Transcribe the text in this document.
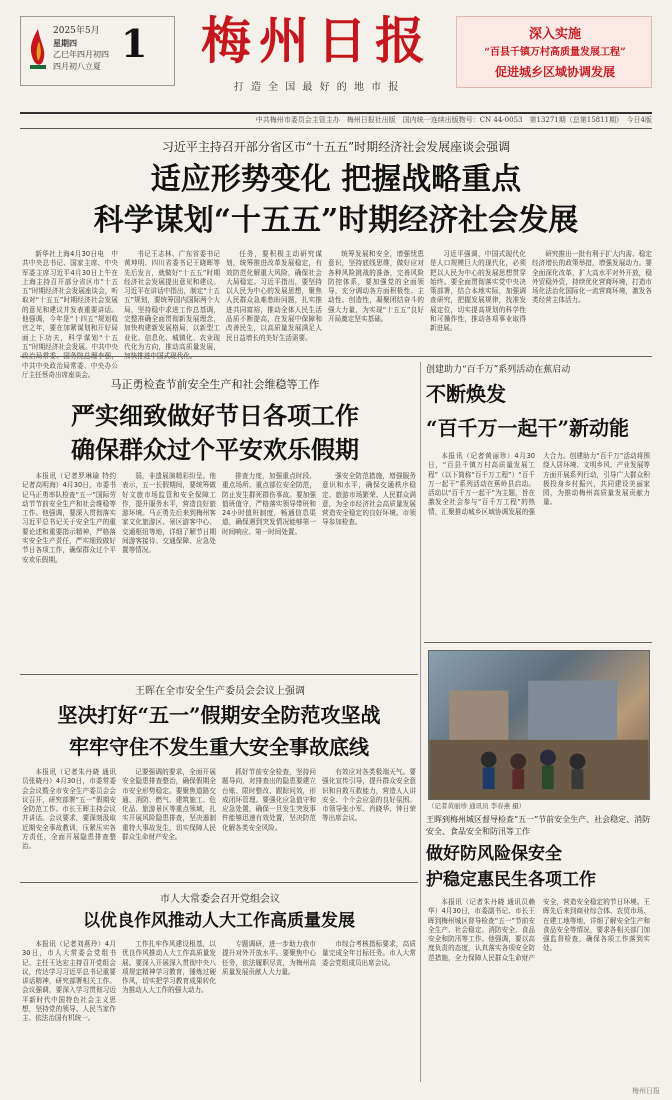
2025年5月
星期四
乙巳年四月初四
四月初八立夏
1 梅州日报
打 造 全 国 最 好 的 地 市 报
深入实施
“百县千镇万村高质量发展工程”
促进城乡区域协调发展
中共梅州市委员会主管主办　梅州日报社出版　国内统一连续出版物号：CN 44-0053　第13271期（总第15811期）　今日4版
习近平主持召开部分省区市“十五五”时期经济社会发展座谈会强调
适应形势变化 把握战略重点
科学谋划“十五五”时期经济社会发展

新华社上海4月30日电　中共中央总书记、国家主席、中央军委主席习近平4月30日上午在上海主持召开部分省区市“十五五”时期经济社会发展座谈会，听取对“十五五”时期经济社会发展的意见和建议并发表重要讲话。他强调，今年是“十四五”规划收官之年，要在加紧谋划和开好局面上下功夫，科学谋划“十五五”时期经济社会发展。中共中央 中共中央政治局常委、中央办公厅主任蔡奇出席座谈会。

书记王志林、广东省委书记黄坤明、四川省委书记王晓晖等先后发言，就做好“十五五”时期经济社会发展提出意见和建议。习近平在讲话中指出，制定“十五五”规划，要统筹国内国际两个大局，坚持稳中求进工作总基调，完整准确全面贯彻新发展理念，加快构建新发展格局，以新型工业化、信息化、城镇化、农业现代化为方向，推动高质量发展，

任务，要积极主动研究谋划，统筹推进改革发展稳定，有效防范化解重大风险，确保社会大局稳定。习近平指出，要坚持以人民为中心的发展思想，聚焦人民群众急难愁盼问题，扎实推进共同富裕，推动全体人民生活品质不断提高，在发展中保障和改善民生，以高质量发展满足人民日益增长的美好生活需要。

统筹发展和安全，增强忧患意识，坚持底线思维，做好应对各种风险挑战的准备，完善风险防控体系，要加强党的全面领导，充分调动各方面积极性、主动性、创造性，凝聚团结奋斗的强大力量，为实现“十五五”良好开局奠定坚实基础。

习近平强调，中国式现代化是人口规模巨大的现代化，必须把以人民为中心的发展思想贯穿始终。要全面贯彻落实党中央决策部署，结合本地实际，加强调查研究，把握发展规律，找准发展定位，切实提高规划的科学性和可操作性，推动各项事业取得新进展。

研究推出一批有利于扩大内需、稳定经济增长的政策举措，增强发展动力。要全面深化改革，扩大高水平对外开放，稳外贸稳外资，持续优化营商环境，打造市场化法治化国际化一流营商环境，激发各类经营主体活力。

马正勇检查节前安全生产和社会维稳等工作
严实细致做好节日各项工作
确保群众过个平安欢乐假期

本报讯（记者罗琳瑜 特约记者高明海）4月30日，市委书记马正勇率队检查“五一”国际劳动节节前安全生产和社会维稳等工作。他强调，要深入贯彻落实习近平总书记关于安全生产的重要论述和重要指示精神，严格落实安全生产责任，严实细致做好节日各项工作，确保群众过个平安欢乐假期。

弱，非遗展演精彩纷呈。他表示，五一长假期间，要统筹做好文旅市场监管和安全保障工作，提升服务水平，营造良好旅游环境。马正勇先后来到梅州客家文化旅游区、景区游客中心、交通枢纽等地，详细了解节日期间游客接待、交通保障、应急处置等情况。

排查力度，加强重点时段、重点场所、重点部位安全防范，防止发生群死群伤事故。要加强值班值守，严格落实领导带班和24小时值班制度，畅通信息渠道，确保遇到突发情况能够第一时间响应、第一时间处置。

强安全防范措施，增强服务意识和水平，确保交通秩序稳定、旅游市场繁荣、人民群众满意，为全市经济社会高质量发展营造安全稳定的良好环境。市领导参加检查。

创建助力“百千万”系列活动在蕉启动
不断焕发
“百千万一起干”新动能

本报讯（记者黄丽珍）4月30日，“百县千镇万村高质量发展工程”（以下简称“百千万工程”）“百千万一起干”系列活动在蕉岭县启动。活动以“百千万一起干”为主题，旨在激发全社会参与“百千万工程”的热情，汇聚推动城乡区域协调发展的强大合力。创建助力“百千万”活动将围绕人居环境、文明乡风、产业发展等方面开展系列行动，引导广大群众积极投身乡村振兴，共同建设美丽家园，为推动梅州高质量发展贡献力量。

王晖在全市安全生产委员会会议上强调
坚决打好“五一”假期安全防范攻坚战
牢牢守住不发生重大安全事故底线

本报讯（记者朱丹晓 通讯员张晓丹）4月30日，市委常委会会议暨全市安全生产委员会会议召开，研究部署“五一”假期安全防范工作。市长王晖主持会议并讲话。会议要求，要深刻汲取近期安全事故教训，压紧压实各方责任，全面开展隐患排查整治。

记要强调的要求，全面开展安全隐患排查整治，确保假期全市安全形势稳定。要聚焦道路交通、消防、燃气、建筑施工、危化品、旅游景区等重点领域，扎实开展风险隐患排查，坚决遏制重特大事故发生，切实保障人民群众生命财产安全。

抓好节前安全检查，坚持问题导向，对排查出的隐患要建立台账、限时整改、跟踪问效，形成闭环管理。要强化应急值守和应急处置，确保一旦发生突发事件能够迅速有效处置，坚决防范化解各类安全风险。

有效应对各类极端天气。要强化宣传引导，提升群众安全意识和自救互救能力，营造人人讲安全、个个会应急的良好氛围。市领导张小军、肖晓华、钟日荣等出席会议。

（记者黄丽珍 通讯员 李春燕 摄）
王晖到梅州城区督导检查“五一”节前安全生产、社会稳定、消防安全、食品安全和防汛等工作
做好防风险保安全
护稳定惠民生各项工作

本报讯（记者朱丹晓 通讯员赖华）4月30日，市委副书记、市长王晖到梅州城区督导检查“五一”节前安全生产、社会稳定、消防安全、食品安全和防汛等工作。他强调，要以高度负责的态度，认真落实各项安全防范措施，全力保障人民群众生命财产安全，营造安全稳定的节日环境。王晖先后来到商业综合体、农贸市场、在建工地等地，详细了解安全生产和食品安全等情况，要求各相关部门加强监督检查，确保各项工作落到实处。

市人大常委会召开党组会议
以优良作风推动人大工作高质量发展

本报讯（记者刘燕玲）4月30日，市人大常委会党组书记、主任王达宏主持召开党组会议，传达学习习近平总书记重要讲话精神，研究部署相关工作。会议强调，要深入学习贯彻习近平新时代中国特色社会主义思想，坚持党的领导、人民当家作主、依法治国有机统一。

工作扎牢作风建设根基，以优良作风推动人大工作高质量发展。要深入开展深入贯彻中央八项规定精神学习教育，锤炼过硬作风，切实把学习教育成果转化为推动人大工作的强大动力。

专题调研，进一步助力我市提升对外开放水平。要聚焦中心任务，依法履职尽责，为梅州高质量发展贡献人大力量。

市综合考核指标要求，高质量完成全年目标任务。市人大常委会党组成员出席会议。

梅州日报
